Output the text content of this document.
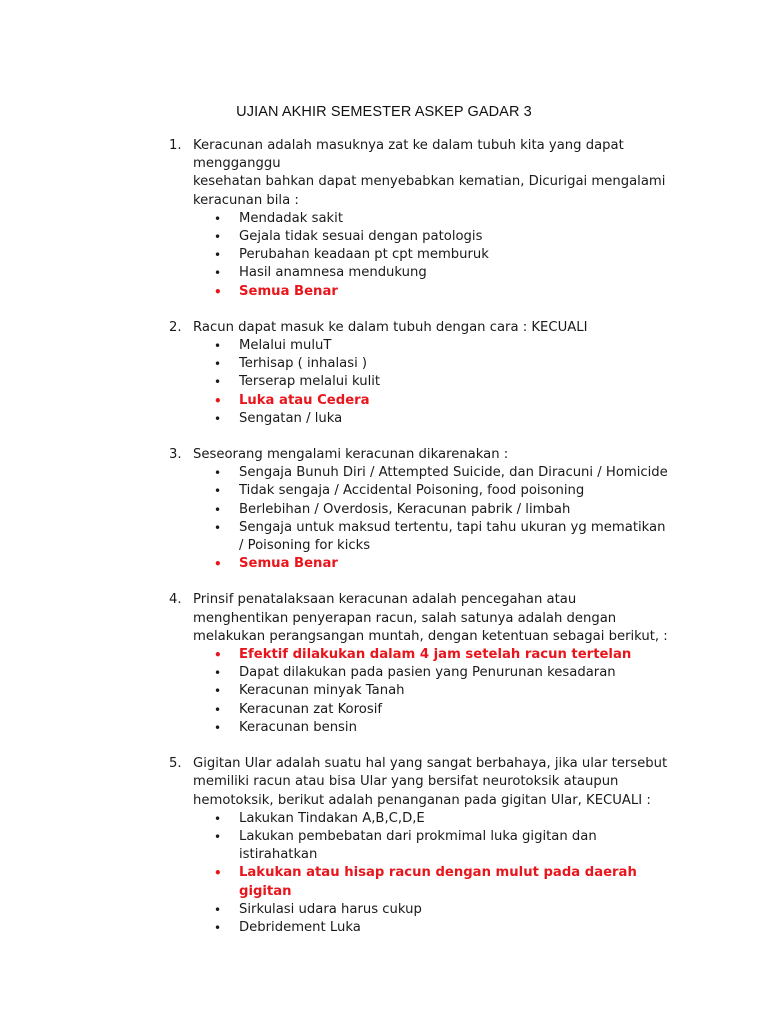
UJIAN AKHIR SEMESTER ASKEP GADAR 3
1. Keracunan adalah masuknya zat ke dalam tubuh kita yang dapat mengganggu
kesehatan bahkan dapat menyebabkan kematian, Dicurigai mengalami keracunan bila :
• Mendadak sakit
• Gejala tidak sesuai dengan patologis
• Perubahan keadaan pt cpt memburuk
• Hasil anamnesa mendukung
• Semua Benar
2. Racun dapat masuk ke dalam tubuh dengan cara : KECUALI
• Melalui muluT
• Terhisap ( inhalasi )
• Terserap melalui kulit
• Luka atau Cedera
• Sengatan / luka
3. Seseorang mengalami keracunan dikarenakan :
• Sengaja Bunuh Diri / Attempted Suicide, dan Diracuni / Homicide
• Tidak sengaja / Accidental Poisoning, food poisoning
• Berlebihan / Overdosis, Keracunan pabrik / limbah
• Sengaja untuk maksud tertentu, tapi tahu ukuran yg mematikan / Poisoning for kicks
• Semua Benar
4. Prinsif penatalaksaan keracunan adalah pencegahan atau menghentikan penyerapan racun, salah satunya adalah dengan melakukan perangsangan muntah, dengan ketentuan sebagai berikut, :
• Efektif dilakukan dalam 4 jam setelah racun tertelan
• Dapat dilakukan pada pasien yang Penurunan kesadaran
• Keracunan minyak Tanah
• Keracunan zat Korosif
• Keracunan bensin
5. Gigitan Ular adalah suatu hal yang sangat berbahaya, jika ular tersebut memiliki racun atau bisa Ular yang bersifat neurotoksik ataupun hemotoksik, berikut adalah penanganan pada gigitan Ular, KECUALI :
• Lakukan Tindakan A,B,C,D,E
• Lakukan pembebatan dari prokmimal luka gigitan dan istirahatkan
• Lakukan atau hisap racun dengan mulut pada daerah gigitan
• Sirkulasi udara harus cukup
• Debridement Luka
